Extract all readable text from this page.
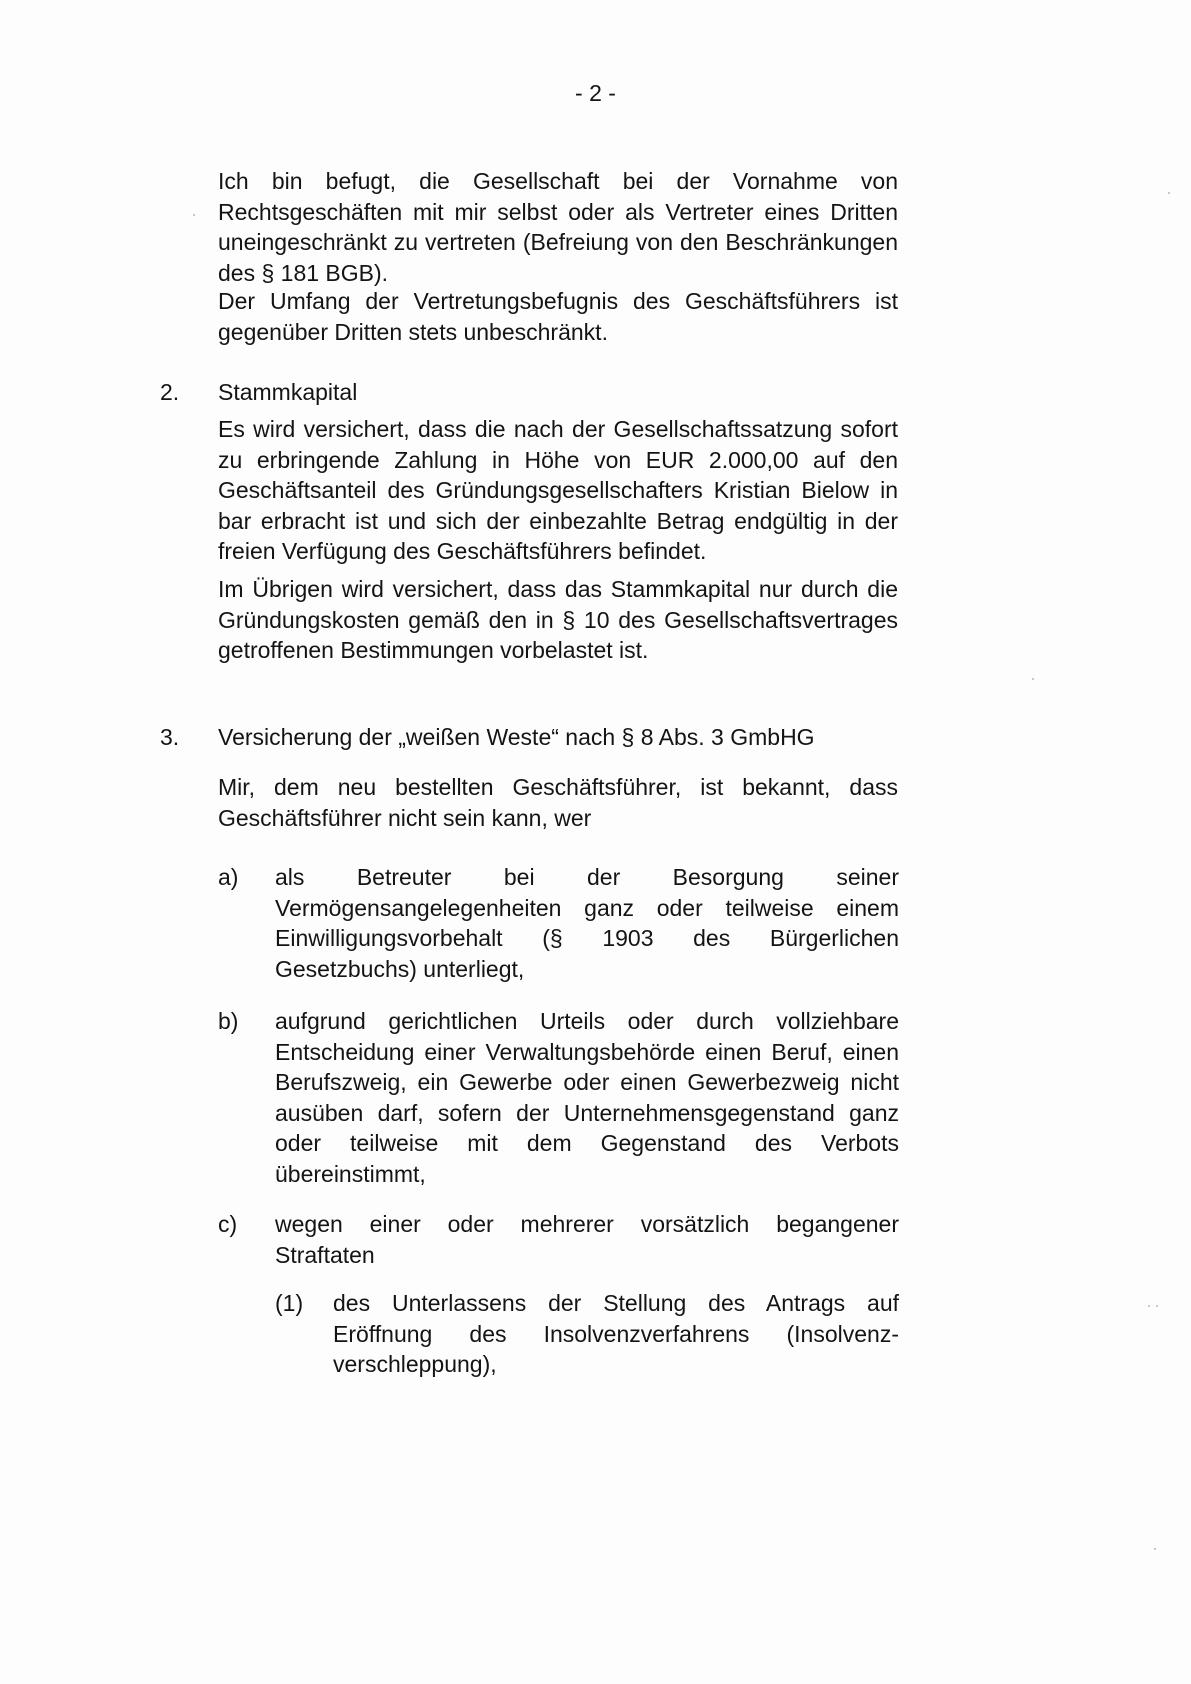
- 2 -

Ich bin befugt, die Gesellschaft bei der Vornahme von Rechtsgeschäften mit mir selbst oder als Vertreter eines Dritten uneingeschränkt zu vertreten (Befreiung von den Beschränkungen des § 181 BGB).

Der Umfang der Vertretungsbefugnis des Geschäftsführers ist gegenüber Dritten stets unbeschränkt.

2. Stammkapital

Es wird versichert, dass die nach der Gesellschaftssatzung sofort zu erbringende Zahlung in Höhe von EUR 2.000,00 auf den Geschäftsanteil des Gründungsgesellschafters Kristian Bielow in bar erbracht ist und sich der einbezahlte Betrag endgültig in der freien Verfügung des Geschäftsführers befindet.

Im Übrigen wird versichert, dass das Stammkapital nur durch die Gründungskosten gemäß den in § 10 des Gesellschaftsvertrages getroffenen Bestimmungen vorbelastet ist.

3. Versicherung der „weißen Weste“ nach § 8 Abs. 3 GmbHG

Mir, dem neu bestellten Geschäftsführer, ist bekannt, dass Geschäftsführer nicht sein kann, wer

a) als Betreuter bei der Besorgung seiner Vermögensangelegenheiten ganz oder teilweise einem Einwilligungsvorbehalt (§ 1903 des Bürgerlichen Gesetzbuchs) unterliegt,

b) aufgrund gerichtlichen Urteils oder durch vollziehbare Entscheidung einer Verwaltungsbehörde einen Beruf, einen Berufszweig, ein Gewerbe oder einen Gewerbezweig nicht ausüben darf, sofern der Unternehmensgegenstand ganz oder teilweise mit dem Gegenstand des Verbots übereinstimmt,

c) wegen einer oder mehrerer vorsätzlich begangener Straftaten

(1) des Unterlassens der Stellung des Antrags auf Eröffnung des Insolvenzverfahrens (Insolvenz-verschleppung),
